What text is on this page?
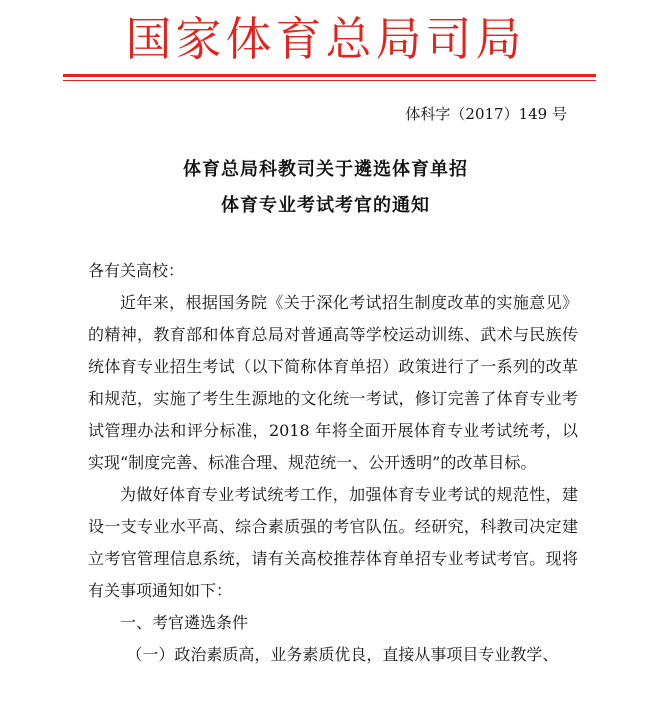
国家体育总局司局
体科字（2017）149 号
体育总局科教司关于遴选体育单招
体育专业考试考官的通知

各有关高校：

近年来，根据国务院《关于深化考试招生制度改革的实施意见》的精神，教育部和体育总局对普通高等学校运动训练、武术与民族传统体育专业招生考试（以下简称体育单招）政策进行了一系列的改革和规范，实施了考生生源地的文化统一考试，修订完善了体育专业考试管理办法和评分标准，2018 年将全面开展体育专业考试统考，以实现“制度完善、标准合理、规范统一、公开透明”的改革目标。

为做好体育专业考试统考工作，加强体育专业考试的规范性，建设一支专业水平高、综合素质强的考官队伍。经研究，科教司决定建立考官管理信息系统，请有关高校推荐体育单招专业考试考官。现将有关事项通知如下：

一、考官遴选条件

（一）政治素质高，业务素质优良，直接从事项目专业教学、
